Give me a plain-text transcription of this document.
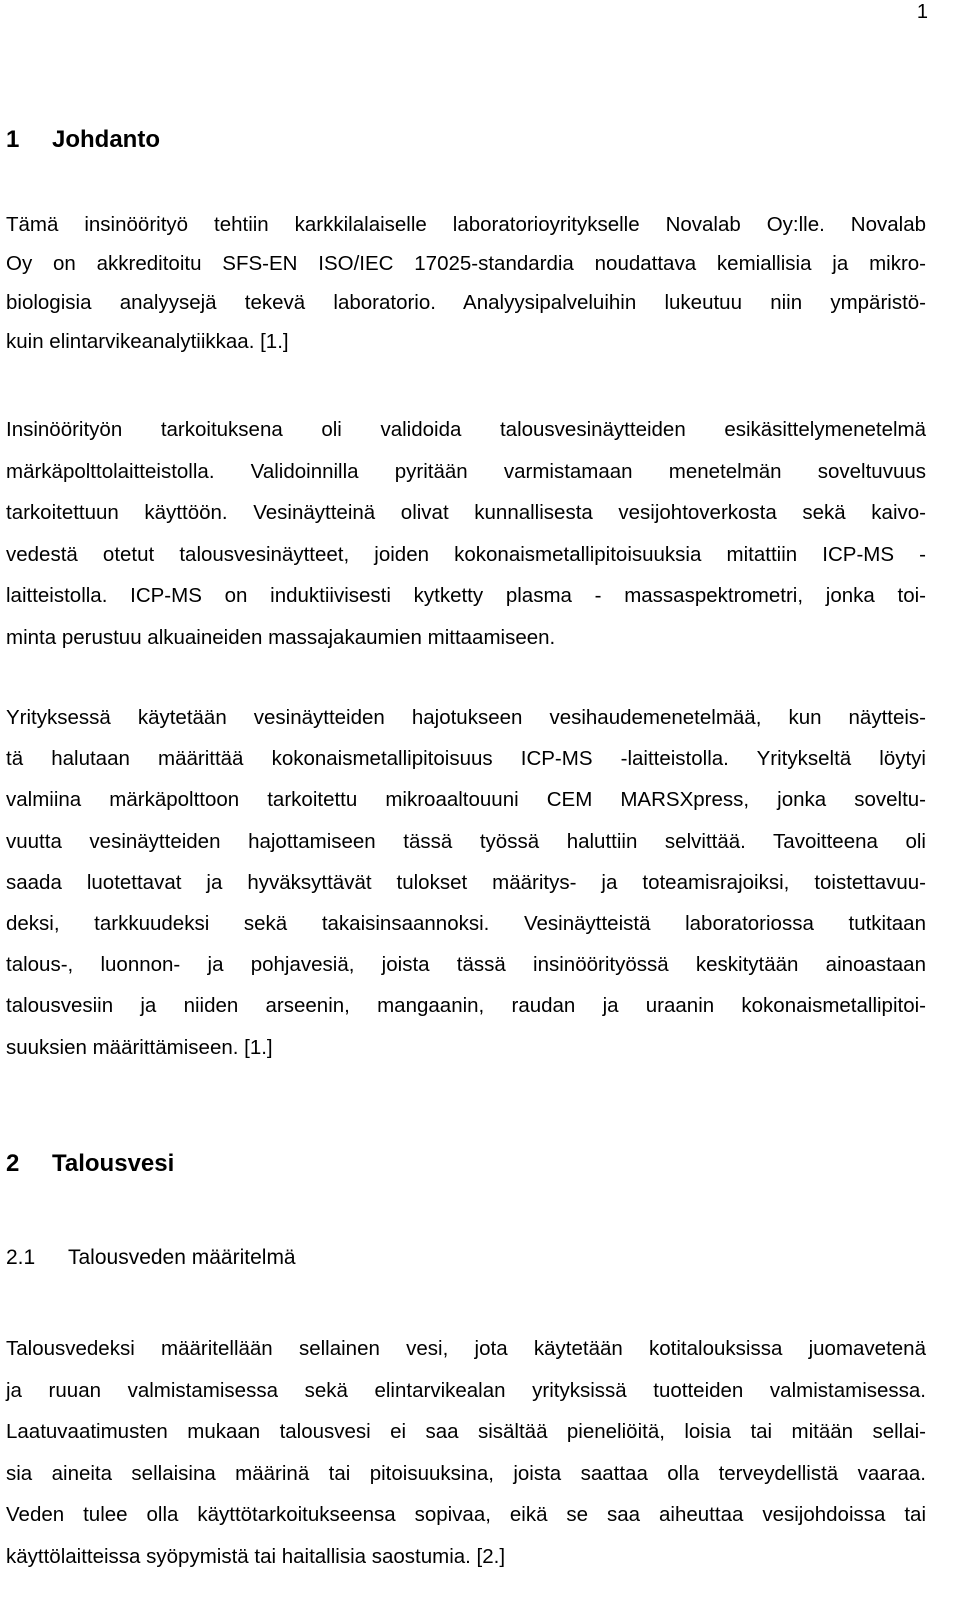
1
1 Johdanto

Tämä insinöörityö tehtiin karkkilalaiselle laboratorioyritykselle Novalab Oy:lle. Novalab
Oy on akkreditoitu SFS-EN ISO/IEC 17025-standardia noudattava kemiallisia ja mikro-
biologisia analyysejä tekevä laboratorio. Analyysipalveluihin lukeutuu niin ympäristö-
kuin elintarvikeanalytiikkaa. [1.]

Insinöörityön tarkoituksena oli validoida talousvesinäytteiden esikäsittelymenetelmä
märkäpolttolaitteistolla. Validoinnilla pyritään varmistamaan menetelmän soveltuvuus
tarkoitettuun käyttöön. Vesinäytteinä olivat kunnallisesta vesijohtoverkosta sekä kaivo-
vedestä otetut talousvesinäytteet, joiden kokonaismetallipitoisuuksia mitattiin ICP-MS -
laitteistolla. ICP-MS on induktiivisesti kytketty plasma - massaspektrometri, jonka toi-
minta perustuu alkuaineiden massajakaumien mittaamiseen.

Yrityksessä käytetään vesinäytteiden hajotukseen vesihaudemenetelmää, kun näytteis-
tä halutaan määrittää kokonaismetallipitoisuus ICP-MS -laitteistolla. Yritykseltä löytyi
valmiina märkäpolttoon tarkoitettu mikroaaltouuni CEM MARSXpress, jonka soveltu-
vuutta vesinäytteiden hajottamiseen tässä työssä haluttiin selvittää. Tavoitteena oli
saada luotettavat ja hyväksyttävät tulokset määritys- ja toteamisrajoiksi, toistettavuu-
deksi, tarkkuudeksi sekä takaisinsaannoksi. Vesinäytteistä laboratoriossa tutkitaan
talous-, luonnon- ja pohjavesiä, joista tässä insinöörityössä keskitytään ainoastaan
talousvesiin ja niiden arseenin, mangaanin, raudan ja uraanin kokonaismetallipitoi-
suuksien määrittämiseen. [1.]

2 Talousvesi
2.1 Talousveden määritelmä

Talousvedeksi määritellään sellainen vesi, jota käytetään kotitalouksissa juomavetenä
ja ruuan valmistamisessa sekä elintarvikealan yrityksissä tuotteiden valmistamisessa.
Laatuvaatimusten mukaan talousvesi ei saa sisältää pieneliöitä, loisia tai mitään sellai-
sia aineita sellaisina määrinä tai pitoisuuksina, joista saattaa olla terveydellistä vaaraa.
Veden tulee olla käyttötarkoitukseensa sopivaa, eikä se saa aiheuttaa vesijohdoissa tai
käyttölaitteissa syöpymistä tai haitallisia saostumia. [2.]
